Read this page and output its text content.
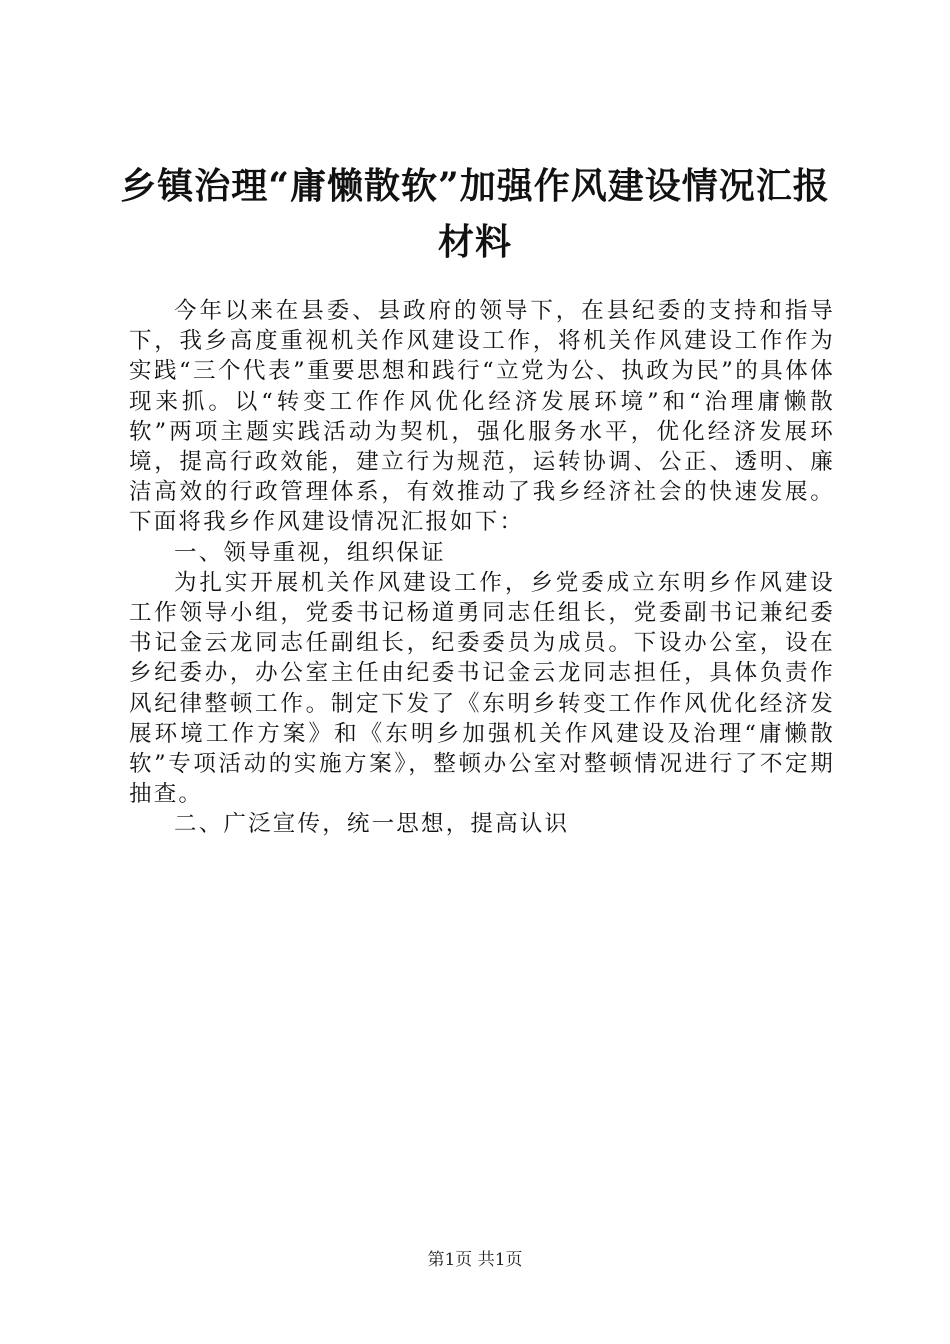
乡镇治理“庸懒散软”加强作风建设情况汇报材料

今年以来在县委、县政府的领导下，在县纪委的支持和指导下，我乡高度重视机关作风建设工作，将机关作风建设工作作为实践“三个代表”重要思想和践行“立党为公、执政为民”的具体体现来抓。以“转变工作作风优化经济发展环境”和“治理庸懒散软”两项主题实践活动为契机，强化服务水平，优化经济发展环境，提高行政效能，建立行为规范，运转协调、公正、透明、廉洁高效的行政管理体系，有效推动了我乡经济社会的快速发展。下面将我乡作风建设情况汇报如下：

一、领导重视，组织保证

为扎实开展机关作风建设工作，乡党委成立东明乡作风建设工作领导小组，党委书记杨道勇同志任组长，党委副书记兼纪委书记金云龙同志任副组长，纪委委员为成员。下设办公室，设在乡纪委办，办公室主任由纪委书记金云龙同志担任，具体负责作风纪律整顿工作。制定下发了《东明乡转变工作作风优化经济发展环境工作方案》和《东明乡加强机关作风建设及治理“庸懒散软”专项活动的实施方案》，整顿办公室对整顿情况进行了不定期抽查。

二、广泛宣传，统一思想，提高认识

第1页 共1页
